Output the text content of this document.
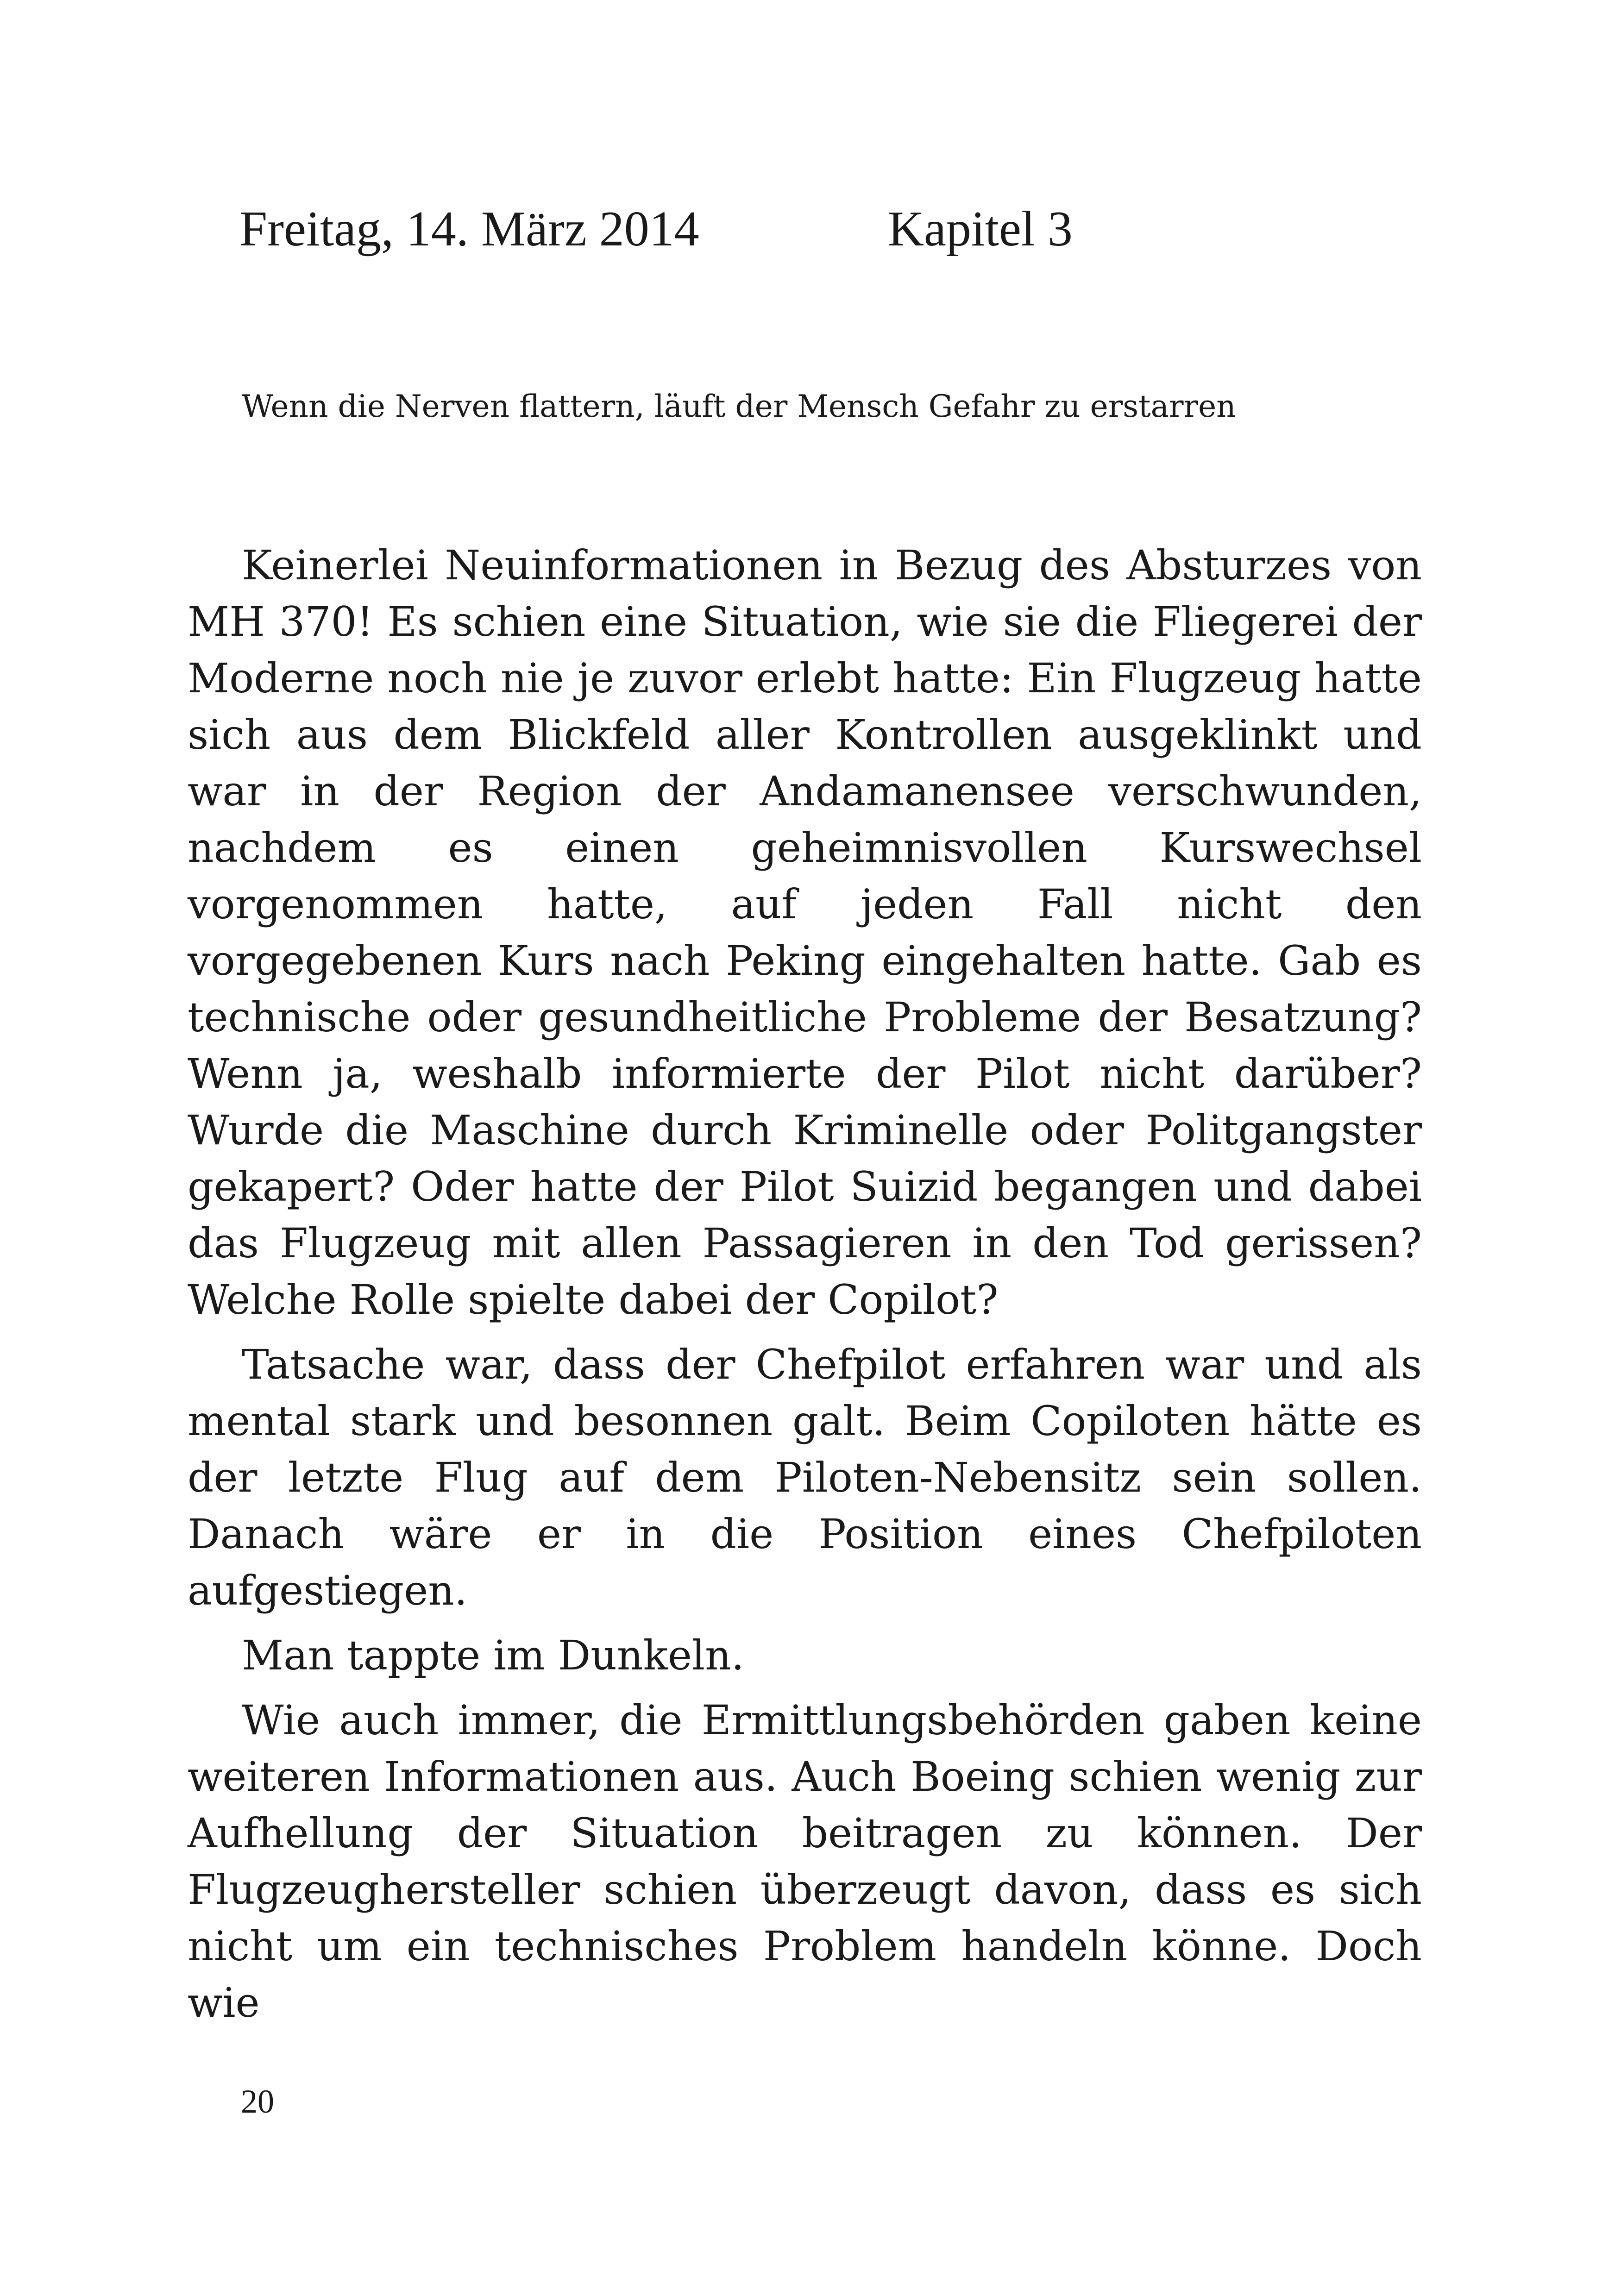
Freitag, 14. März 2014	Kapitel 3
Wenn die Nerven flattern, läuft der Mensch Gefahr zu erstarren

Keinerlei Neuinformationen in Bezug des Absturzes von MH 370! Es schien eine Situation, wie sie die Fliegerei der Moderne noch nie je zuvor erlebt hatte: Ein Flugzeug hatte sich aus dem Blickfeld aller Kontrollen ausgeklinkt und war in der Region der Andamanensee verschwunden, nachdem es einen geheimnisvollen Kurswechsel vorgenommen hatte, auf jeden Fall nicht den vorgegebenen Kurs nach Peking eingehalten hatte. Gab es technische oder gesundheitliche Probleme der Besatzung? Wenn ja, weshalb informierte der Pilot nicht darüber? Wurde die Maschine durch Kriminelle oder Politgangster gekapert? Oder hatte der Pilot Suizid begangen und dabei das Flugzeug mit allen Passagieren in den Tod gerissen? Welche Rolle spielte dabei der Copilot?

Tatsache war, dass der Chefpilot erfahren war und als mental stark und besonnen galt. Beim Copiloten hätte es der letzte Flug auf dem Piloten-Nebensitz sein sollen. Danach wäre er in die Position eines Chefpiloten aufgestiegen.

Man tappte im Dunkeln.

Wie auch immer, die Ermittlungsbehörden gaben keine weiteren Informationen aus. Auch Boeing schien wenig zur Aufhellung der Situation beitragen zu können. Der Flugzeughersteller schien überzeugt davon, dass es sich nicht um ein technisches Problem handeln könne. Doch wie

20
